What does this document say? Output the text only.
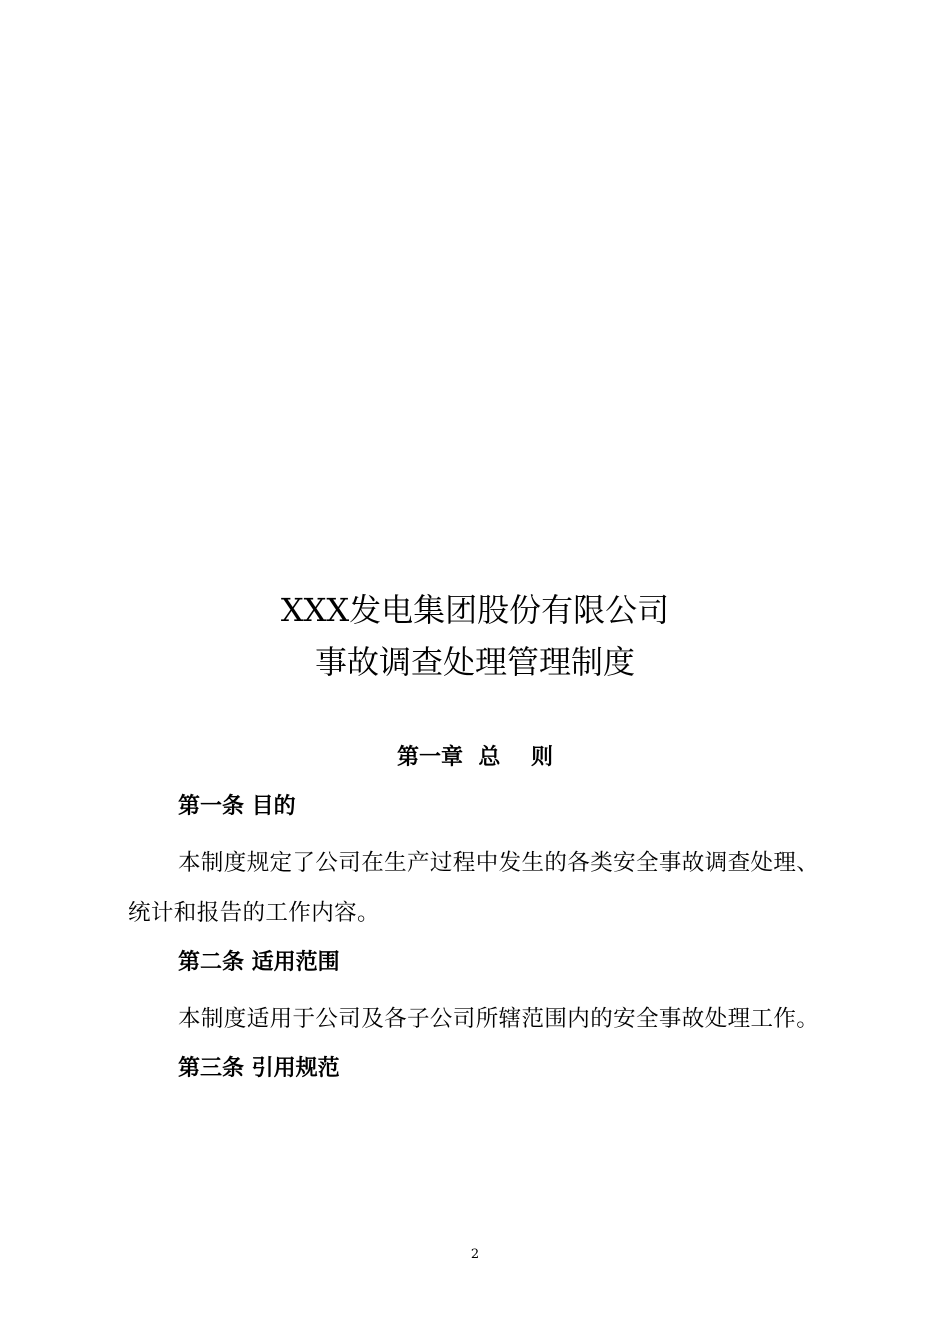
XXX发电集团股份有限公司
事故调查处理管理制度
第一章  总    则
第一条 目的

本制度规定了公司在生产过程中发生的各类安全事故调查处理、统计和报告的工作内容。

第二条 适用范围

本制度适用于公司及各子公司所辖范围内的安全事故处理工作。

第三条 引用规范
2
